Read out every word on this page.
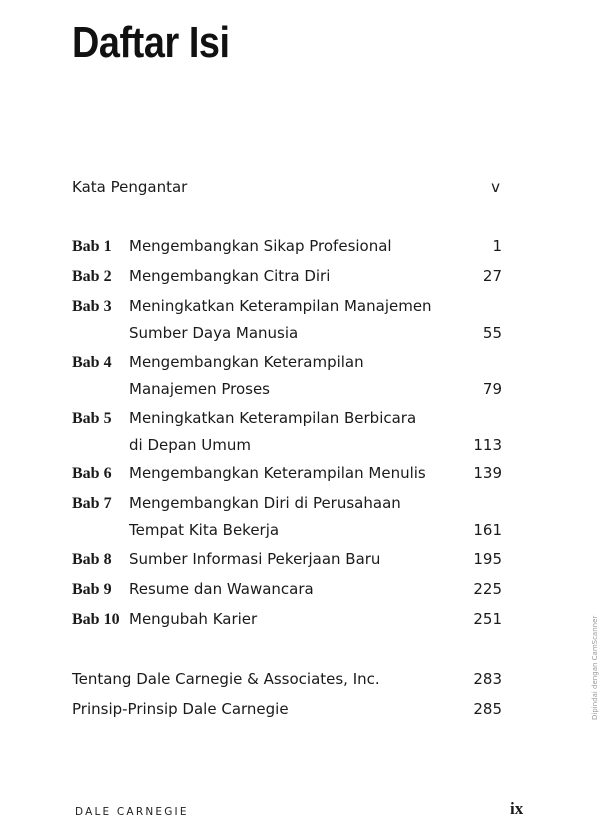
Daftar Isi
Kata Pengantar	v
Bab 1	Mengembangkan Sikap Profesional	1
Bab 2	Mengembangkan Citra Diri	27
Bab 3	Meningkatkan Keterampilan Manajemen
Sumber Daya Manusia	55
Bab 4	Mengembangkan Keterampilan
Manajemen Proses	79
Bab 5	Meningkatkan Keterampilan Berbicara
di Depan Umum	113
Bab 6	Mengembangkan Keterampilan Menulis	139
Bab 7	Mengembangkan Diri di Perusahaan
Tempat Kita Bekerja	161
Bab 8	Sumber Informasi Pekerjaan Baru	195
Bab 9	Resume dan Wawancara	225
Bab 10 Mengubah Karier	251
Tentang Dale Carnegie & Associates, Inc.	283
Prinsip-Prinsip Dale Carnegie	285
DALE CARNEGIE	ix
Dipindai dengan CamScanner
